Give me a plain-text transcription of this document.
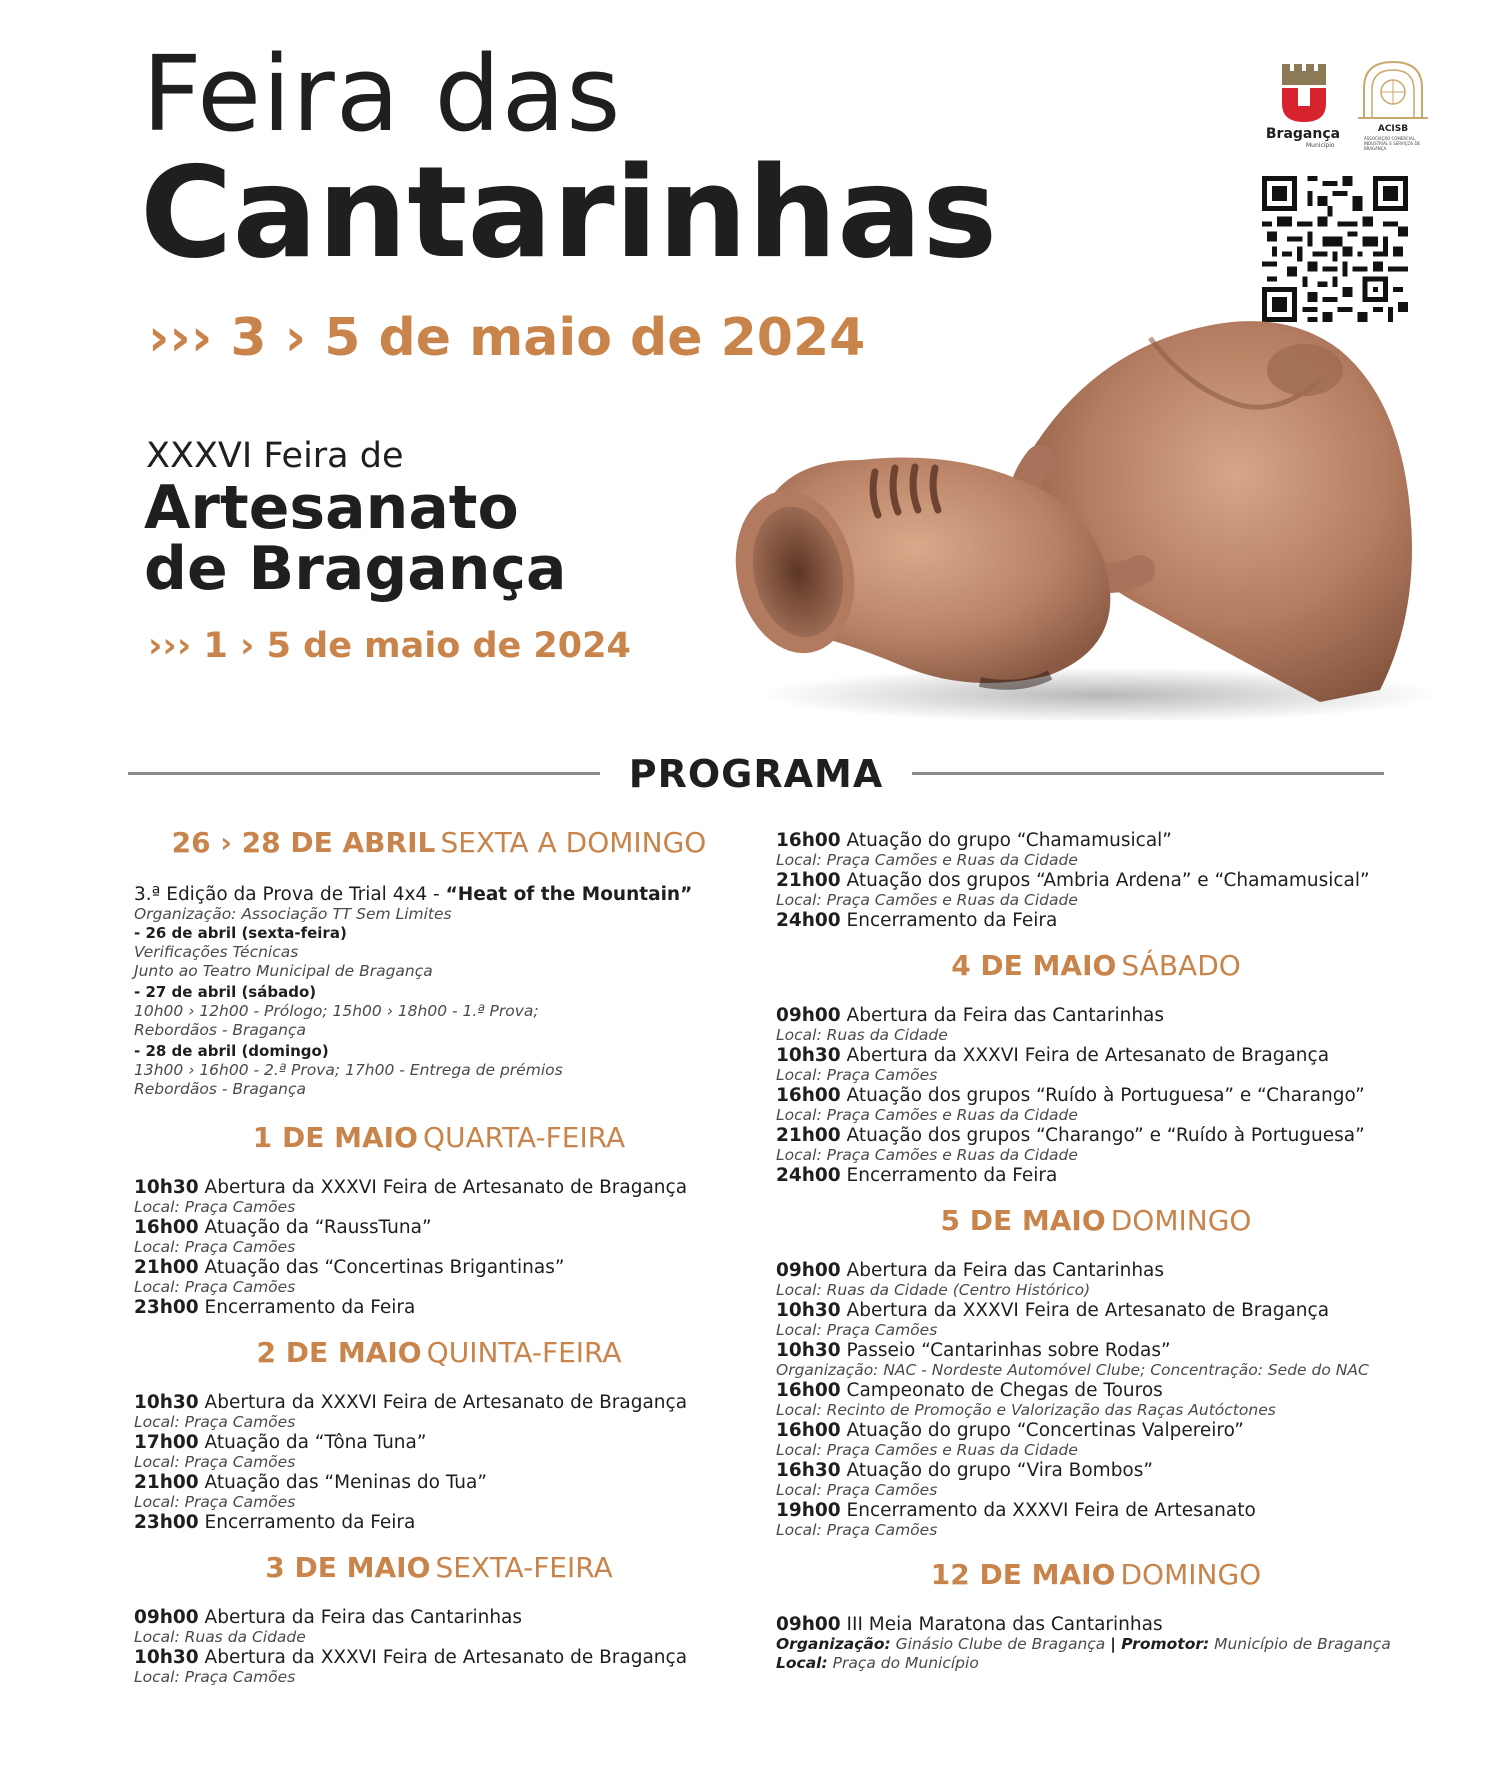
Feira das
Cantarinhas
››› 3 › 5 de maio de 2024
XXXVI Feira de
Artesanato
de Bragança
››› 1 › 5 de maio de 2024
Bragança
Município
ACISB
ASSOCIAÇÃO COMERCIAL, INDUSTRIAL E SERVIÇOS DE BRAGANÇA
PROGRAMA
26 › 28 DE ABRIL SEXTA A DOMINGO
3.ª Edição da Prova de Trial 4x4 - “Heat of the Mountain”
Organização: Associação TT Sem Limites
- 26 de abril (sexta-feira)
Verificações Técnicas
Junto ao Teatro Municipal de Bragança
- 27 de abril (sábado)
10h00 › 12h00 - Prólogo; 15h00 › 18h00 - 1.ª Prova;
Rebordãos - Bragança
- 28 de abril (domingo)
13h00 › 16h00 - 2.ª Prova; 17h00 - Entrega de prémios
Rebordãos - Bragança
1 DE MAIO QUARTA-FEIRA
10h30 Abertura da XXXVI Feira de Artesanato de Bragança
Local: Praça Camões
16h00 Atuação da “RaussTuna”
Local: Praça Camões
21h00 Atuação das “Concertinas Brigantinas”
Local: Praça Camões
23h00 Encerramento da Feira
2 DE MAIO QUINTA-FEIRA
10h30 Abertura da XXXVI Feira de Artesanato de Bragança
Local: Praça Camões
17h00 Atuação da “Tôna Tuna”
Local: Praça Camões
21h00 Atuação das “Meninas do Tua”
Local: Praça Camões
23h00 Encerramento da Feira
3 DE MAIO SEXTA-FEIRA
09h00 Abertura da Feira das Cantarinhas
Local: Ruas da Cidade
10h30 Abertura da XXXVI Feira de Artesanato de Bragança
Local: Praça Camões
16h00 Atuação do grupo “Chamamusical”
Local: Praça Camões e Ruas da Cidade
21h00 Atuação dos grupos “Ambria Ardena” e “Chamamusical”
Local: Praça Camões e Ruas da Cidade
24h00 Encerramento da Feira
4 DE MAIO SÁBADO
09h00 Abertura da Feira das Cantarinhas
Local: Ruas da Cidade
10h30 Abertura da XXXVI Feira de Artesanato de Bragança
Local: Praça Camões
16h00 Atuação dos grupos “Ruído à Portuguesa” e “Charango”
Local: Praça Camões e Ruas da Cidade
21h00 Atuação dos grupos “Charango” e “Ruído à Portuguesa”
Local: Praça Camões e Ruas da Cidade
24h00 Encerramento da Feira
5 DE MAIO DOMINGO
09h00 Abertura da Feira das Cantarinhas
Local: Ruas da Cidade (Centro Histórico)
10h30 Abertura da XXXVI Feira de Artesanato de Bragança
Local: Praça Camões
10h30 Passeio “Cantarinhas sobre Rodas”
Organização: NAC - Nordeste Automóvel Clube; Concentração: Sede do NAC
16h00 Campeonato de Chegas de Touros
Local: Recinto de Promoção e Valorização das Raças Autóctones
16h00 Atuação do grupo “Concertinas Valpereiro”
Local: Praça Camões e Ruas da Cidade
16h30 Atuação do grupo “Vira Bombos”
Local: Praça Camões
19h00 Encerramento da XXXVI Feira de Artesanato
Local: Praça Camões
12 DE MAIO DOMINGO
09h00 III Meia Maratona das Cantarinhas
Organização: Ginásio Clube de Bragança | Promotor: Município de Bragança
Local: Praça do Município
